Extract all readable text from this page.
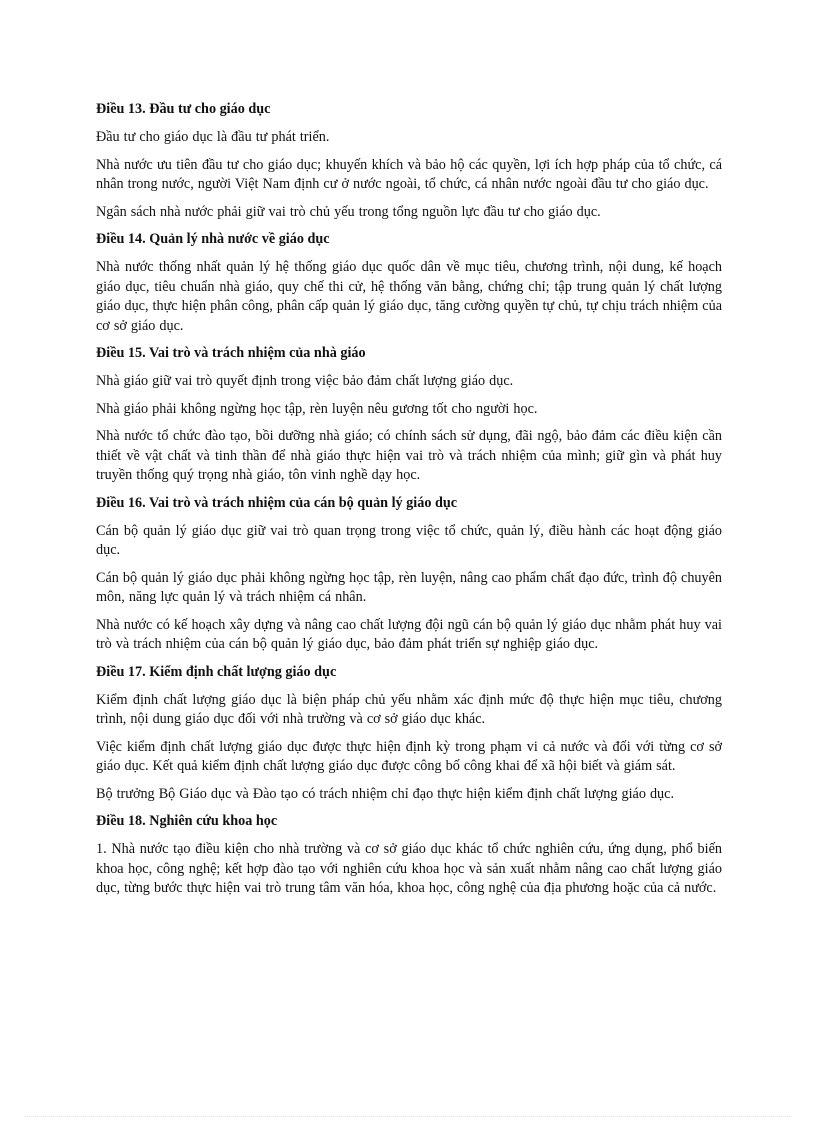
Điều 13. Đầu tư cho giáo dục

Đầu tư cho giáo dục là đầu tư phát triển.

Nhà nước ưu tiên đầu tư cho giáo dục; khuyến khích và bảo hộ các quyền, lợi ích hợp pháp của tổ chức, cá nhân trong nước, người Việt Nam định cư ở nước ngoài, tổ chức, cá nhân nước ngoài đầu tư cho giáo dục.

Ngân sách nhà nước phải giữ vai trò chủ yếu trong tổng nguồn lực đầu tư cho giáo dục.

Điều 14. Quản lý nhà nước về giáo dục

Nhà nước thống nhất quản lý hệ thống giáo dục quốc dân về mục tiêu, chương trình, nội dung, kế hoạch giáo dục, tiêu chuẩn nhà giáo, quy chế thi cử, hệ thống văn bằng, chứng chỉ; tập trung quản lý chất lượng giáo dục, thực hiện phân công, phân cấp quản lý giáo dục, tăng cường quyền tự chủ, tự chịu trách nhiệm của cơ sở giáo dục.

Điều 15. Vai trò và trách nhiệm của nhà giáo

Nhà giáo giữ vai trò quyết định trong việc bảo đảm chất lượng giáo dục.

Nhà giáo phải không ngừng học tập, rèn luyện nêu gương tốt cho người học.

Nhà nước tổ chức đào tạo, bồi dưỡng nhà giáo; có chính sách sử dụng, đãi ngộ, bảo đảm các điều kiện cần thiết về vật chất và tinh thần để nhà giáo thực hiện vai trò và trách nhiệm của mình; giữ gìn và phát huy truyền thống quý trọng nhà giáo, tôn vinh nghề dạy học.

Điều 16. Vai trò và trách nhiệm của cán bộ quản lý giáo dục

Cán bộ quản lý giáo dục giữ vai trò quan trọng trong việc tổ chức, quản lý, điều hành các hoạt động giáo dục.

Cán bộ quản lý giáo dục phải không ngừng học tập, rèn luyện, nâng cao phẩm chất đạo đức, trình độ chuyên môn, năng lực quản lý và trách nhiệm cá nhân.

Nhà nước có kế hoạch xây dựng và nâng cao chất lượng đội ngũ cán bộ quản lý giáo dục nhằm phát huy vai trò và trách nhiệm của cán bộ quản lý giáo dục, bảo đảm phát triển sự nghiệp giáo dục.

Điều 17. Kiểm định chất lượng giáo dục

Kiểm định chất lượng giáo dục là biện pháp chủ yếu nhằm xác định mức độ thực hiện mục tiêu, chương trình, nội dung giáo dục đối với nhà trường và cơ sở giáo dục khác.

Việc kiểm định chất lượng giáo dục được thực hiện định kỳ trong phạm vi cả nước và đối với từng cơ sở giáo dục. Kết quả kiểm định chất lượng giáo dục được công bố công khai để xã hội biết và giám sát.

Bộ trưởng Bộ Giáo dục và Đào tạo có trách nhiệm chỉ đạo thực hiện kiểm định chất lượng giáo dục.

Điều 18. Nghiên cứu khoa học

1. Nhà nước tạo điều kiện cho nhà trường và cơ sở giáo dục khác tổ chức nghiên cứu, ứng dụng, phổ biến khoa học, công nghệ; kết hợp đào tạo với nghiên cứu khoa học và sản xuất nhằm nâng cao chất lượng giáo dục, từng bước thực hiện vai trò trung tâm văn hóa, khoa học, công nghệ của địa phương hoặc của cả nước.
